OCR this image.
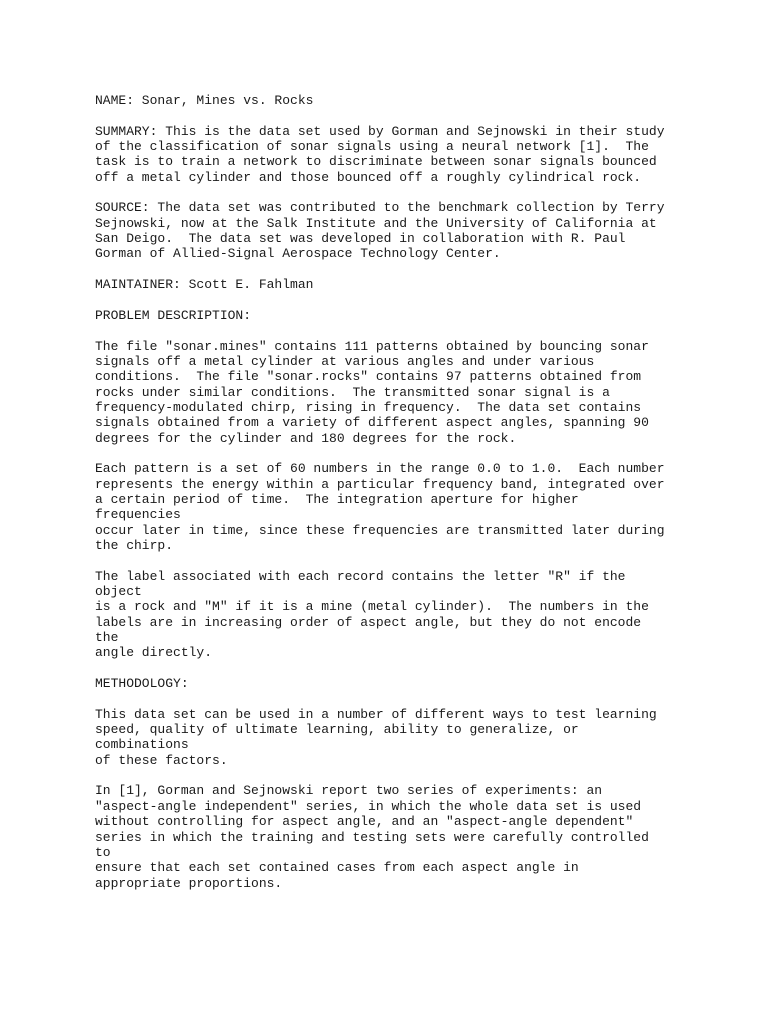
NAME: Sonar, Mines vs. Rocks
SUMMARY: This is the data set used by Gorman and Sejnowski in their study
of the classification of sonar signals using a neural network [1].  The
task is to train a network to discriminate between sonar signals bounced
off a metal cylinder and those bounced off a roughly cylindrical rock.
SOURCE: The data set was contributed to the benchmark collection by Terry
Sejnowski, now at the Salk Institute and the University of California at
San Deigo.  The data set was developed in collaboration with R. Paul
Gorman of Allied-Signal Aerospace Technology Center.
MAINTAINER: Scott E. Fahlman
PROBLEM DESCRIPTION:
The file "sonar.mines" contains 111 patterns obtained by bouncing sonar
signals off a metal cylinder at various angles and under various
conditions.  The file "sonar.rocks" contains 97 patterns obtained from
rocks under similar conditions.  The transmitted sonar signal is a
frequency-modulated chirp, rising in frequency.  The data set contains
signals obtained from a variety of different aspect angles, spanning 90
degrees for the cylinder and 180 degrees for the rock.
Each pattern is a set of 60 numbers in the range 0.0 to 1.0.  Each number
represents the energy within a particular frequency band, integrated over
a certain period of time.  The integration aperture for higher
frequencies
occur later in time, since these frequencies are transmitted later during
the chirp.
The label associated with each record contains the letter "R" if the
object
is a rock and "M" if it is a mine (metal cylinder).  The numbers in the
labels are in increasing order of aspect angle, but they do not encode
the
angle directly.
METHODOLOGY:
This data set can be used in a number of different ways to test learning
speed, quality of ultimate learning, ability to generalize, or
combinations
of these factors.
In [1], Gorman and Sejnowski report two series of experiments: an
"aspect-angle independent" series, in which the whole data set is used
without controlling for aspect angle, and an "aspect-angle dependent"
series in which the training and testing sets were carefully controlled
to
ensure that each set contained cases from each aspect angle in
appropriate proportions.
